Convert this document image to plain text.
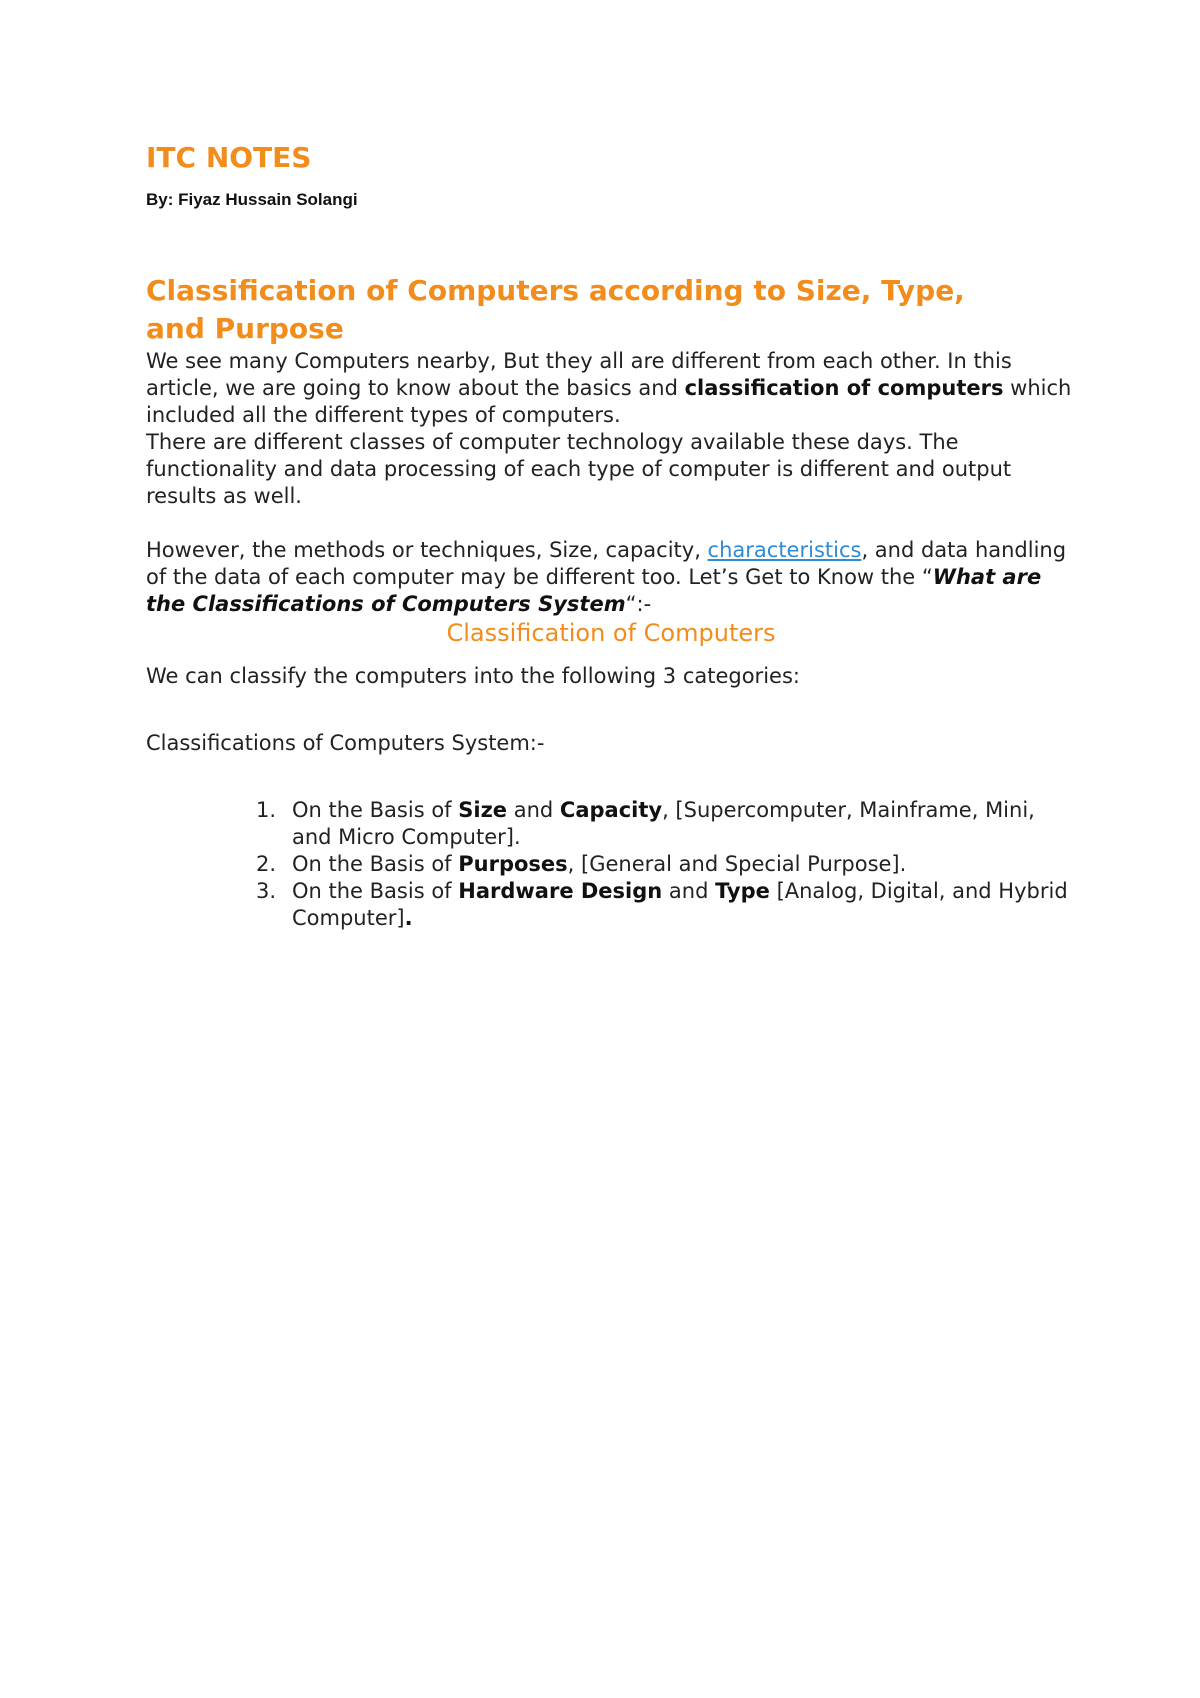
ITC NOTES

By: Fiyaz Hussain Solangi

Classification of Computers according to Size, Type,
and Purpose

We see many Computers nearby, But they all are different from each other. In this article, we are going to know about the basics and classification of computers which included all the different types of computers.

There are different classes of computer technology available these days. The functionality and data processing of each type of computer is different and output results as well.

However, the methods or techniques, Size, capacity, characteristics, and data handling of the data of each computer may be different too. Let’s Get to Know the “What are the Classifications of Computers System“:-

Classification of Computers

We can classify the computers into the following 3 categories:

Classifications of Computers System:-

1. On the Basis of Size and Capacity, [Supercomputer, Mainframe, Mini, and Micro Computer].
2. On the Basis of Purposes, [General and Special Purpose].
3. On the Basis of Hardware Design and Type [Analog, Digital, and Hybrid Computer].
